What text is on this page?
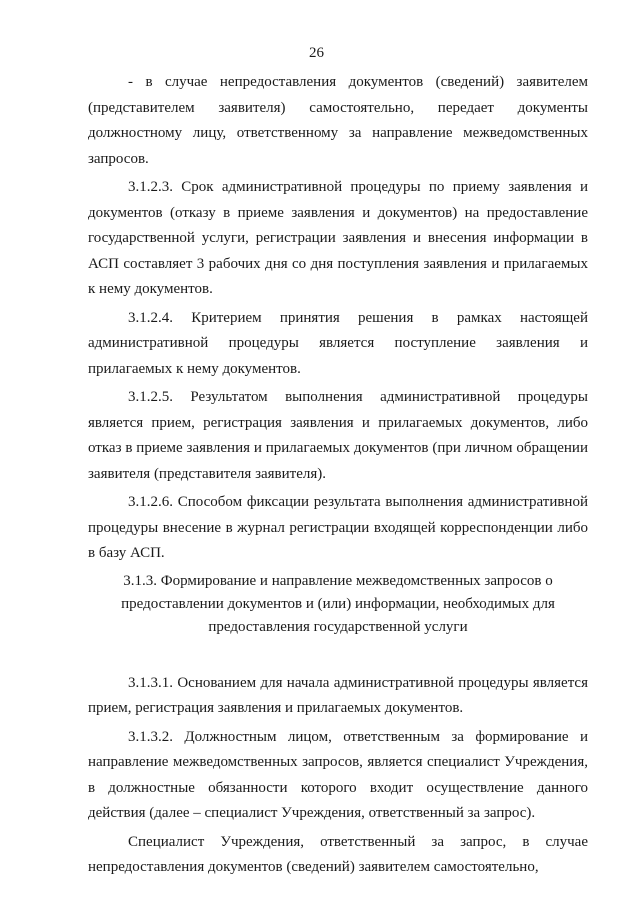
26

- в случае непредоставления документов (сведений) заявителем (представителем заявителя) самостоятельно, передает документы должностному лицу, ответственному за направление межведомственных запросов.

3.1.2.3. Срок административной процедуры по приему заявления и документов (отказу в приеме заявления и документов) на предоставление государственной услуги, регистрации заявления и внесения информации в АСП составляет 3 рабочих дня со дня поступления заявления и прилагаемых к нему документов.

3.1.2.4. Критерием принятия решения в рамках настоящей административной процедуры является поступление заявления и прилагаемых к нему документов.

3.1.2.5. Результатом выполнения административной процедуры является прием, регистрация заявления и прилагаемых документов, либо отказ в приеме заявления и прилагаемых документов (при личном обращении заявителя (представителя заявителя).

3.1.2.6. Способом фиксации результата выполнения административной процедуры внесение в журнал регистрации входящей корреспонденции либо в базу АСП.

3.1.3. Формирование и направление межведомственных запросов о предоставлении документов и (или) информации, необходимых для предоставления государственной услуги

3.1.3.1. Основанием для начала административной процедуры является прием, регистрация заявления и прилагаемых документов.

3.1.3.2. Должностным лицом, ответственным за формирование и направление межведомственных запросов, является специалист Учреждения, в должностные обязанности которого входит осуществление данного действия (далее – специалист Учреждения, ответственный за запрос).

Специалист Учреждения, ответственный за запрос, в случае непредоставления документов (сведений) заявителем самостоятельно,
